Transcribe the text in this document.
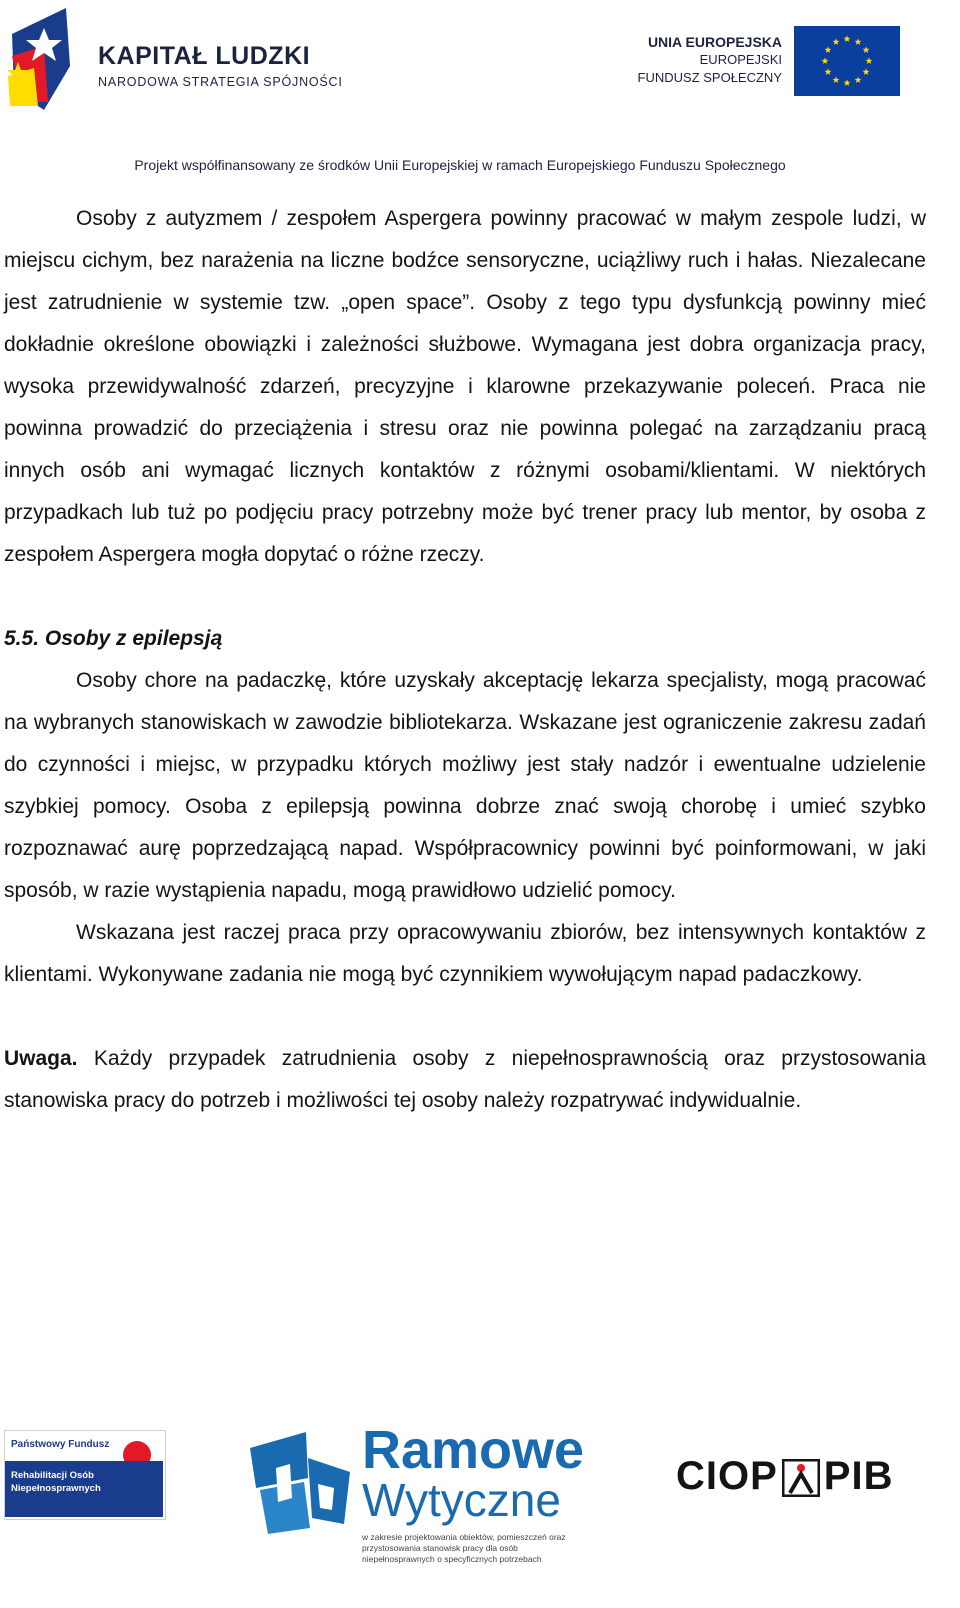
KAPITAŁ LUDZKI
NARODOWA STRATEGIA SPÓJNOŚCI
UNIA EUROPEJSKA
EUROPEJSKI
FUNDUSZ SPOŁECZNY
Projekt współfinansowany ze środków Unii Europejskiej w ramach Europejskiego Funduszu Społecznego

Osoby z autyzmem / zespołem Aspergera powinny pracować w małym zespole ludzi, w miejscu cichym, bez narażenia na liczne bodźce sensoryczne, uciążliwy ruch i hałas. Niezalecane jest zatrudnienie w systemie tzw. „open space”. Osoby z tego typu dysfunkcją powinny mieć dokładnie określone obowiązki i zależności służbowe. Wymagana jest dobra organizacja pracy, wysoka przewidywalność zdarzeń, precyzyjne i klarowne przekazywanie poleceń. Praca nie powinna prowadzić do przeciążenia i stresu oraz nie powinna polegać na zarządzaniu pracą innych osób ani wymagać licznych kontaktów z różnymi osobami/klientami. W niektórych przypadkach lub tuż po podjęciu pracy potrzebny może być trener pracy lub mentor, by osoba z zespołem Aspergera mogła dopytać o różne rzeczy.

5.5. Osoby z epilepsją

Osoby chore na padaczkę, które uzyskały akceptację lekarza specjalisty, mogą pracować na wybranych stanowiskach w zawodzie bibliotekarza. Wskazane jest ograniczenie zakresu zadań do czynności i miejsc, w przypadku których możliwy jest stały nadzór i ewentualne udzielenie szybkiej pomocy. Osoba z epilepsją powinna dobrze znać swoją chorobę i umieć szybko rozpoznawać aurę poprzedzającą napad. Współpracownicy powinni być poinformowani, w jaki sposób, w razie wystąpienia napadu, mogą prawidłowo udzielić pomocy.

Wskazana jest raczej praca przy opracowywaniu zbiorów, bez intensywnych kontaktów z klientami. Wykonywane zadania nie mogą być czynnikiem wywołującym napad padaczkowy.

Uwaga. Każdy przypadek zatrudnienia osoby z niepełnosprawnością oraz przystosowania stanowiska pracy do potrzeb i możliwości tej osoby należy rozpatrywać indywidualnie.

Państwowy Fundusz
Rehabilitacji Osób
Niepełnosprawnych
Ramowe
Wytyczne
w zakresie projektowania obiektów, pomieszczeń oraz przystosowania stanowisk pracy dla osób niepełnosprawnych o specyficznych potrzebach
CIOP PIB
